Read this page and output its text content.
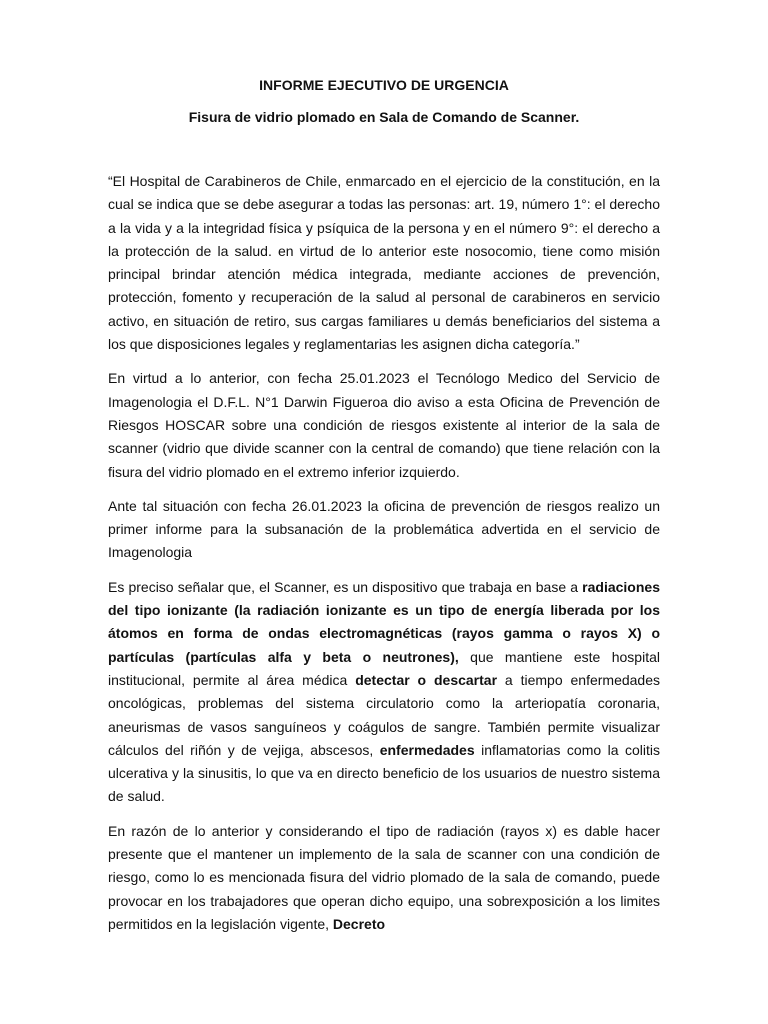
INFORME EJECUTIVO DE URGENCIA
Fisura de vidrio plomado en Sala de Comando de Scanner.

“El Hospital de Carabineros de Chile, enmarcado en el ejercicio de la constitución, en la cual se indica que se debe asegurar a todas las personas: art. 19, número 1°: el derecho a la vida y a la integridad física y psíquica de la persona y en el número 9°: el derecho a la protección de la salud. en virtud de lo anterior este nosocomio, tiene como misión principal brindar atención médica integrada, mediante acciones de prevención, protección, fomento y recuperación de la salud al personal de carabineros en servicio activo, en situación de retiro, sus cargas familiares u demás beneficiarios del sistema a los que disposiciones legales y reglamentarias les asignen dicha categoría.”

En virtud a lo anterior, con fecha 25.01.2023 el Tecnólogo Medico del Servicio de Imagenologia el D.F.L. N°1 Darwin Figueroa dio aviso a esta Oficina de Prevención de Riesgos HOSCAR sobre una condición de riesgos existente al interior de la sala de scanner (vidrio que divide scanner con la central de comando) que tiene relación con la fisura del vidrio plomado en el extremo inferior izquierdo.

Ante tal situación con fecha 26.01.2023 la oficina de prevención de riesgos realizo un primer informe para la subsanación de la problemática advertida en el servicio de Imagenologia

Es preciso señalar que, el Scanner, es un dispositivo que trabaja en base a radiaciones del tipo ionizante (la radiación ionizante es un tipo de energía liberada por los átomos en forma de ondas electromagnéticas (rayos gamma o rayos X) o partículas (partículas alfa y beta o neutrones), que mantiene este hospital institucional, permite al área médica detectar o descartar a tiempo enfermedades oncológicas, problemas del sistema circulatorio como la arteriopatía coronaria, aneurismas de vasos sanguíneos y coágulos de sangre. También permite visualizar cálculos del riñón y de vejiga, abscesos, enfermedades inflamatorias como la colitis ulcerativa y la sinusitis, lo que va en directo beneficio de los usuarios de nuestro sistema de salud.

En razón de lo anterior y considerando el tipo de radiación (rayos x) es dable hacer presente que el mantener un implemento de la sala de scanner con una condición de riesgo, como lo es mencionada fisura del vidrio plomado de la sala de comando, puede provocar en los trabajadores que operan dicho equipo, una sobrexposición a los limites permitidos en la legislación vigente, Decreto
